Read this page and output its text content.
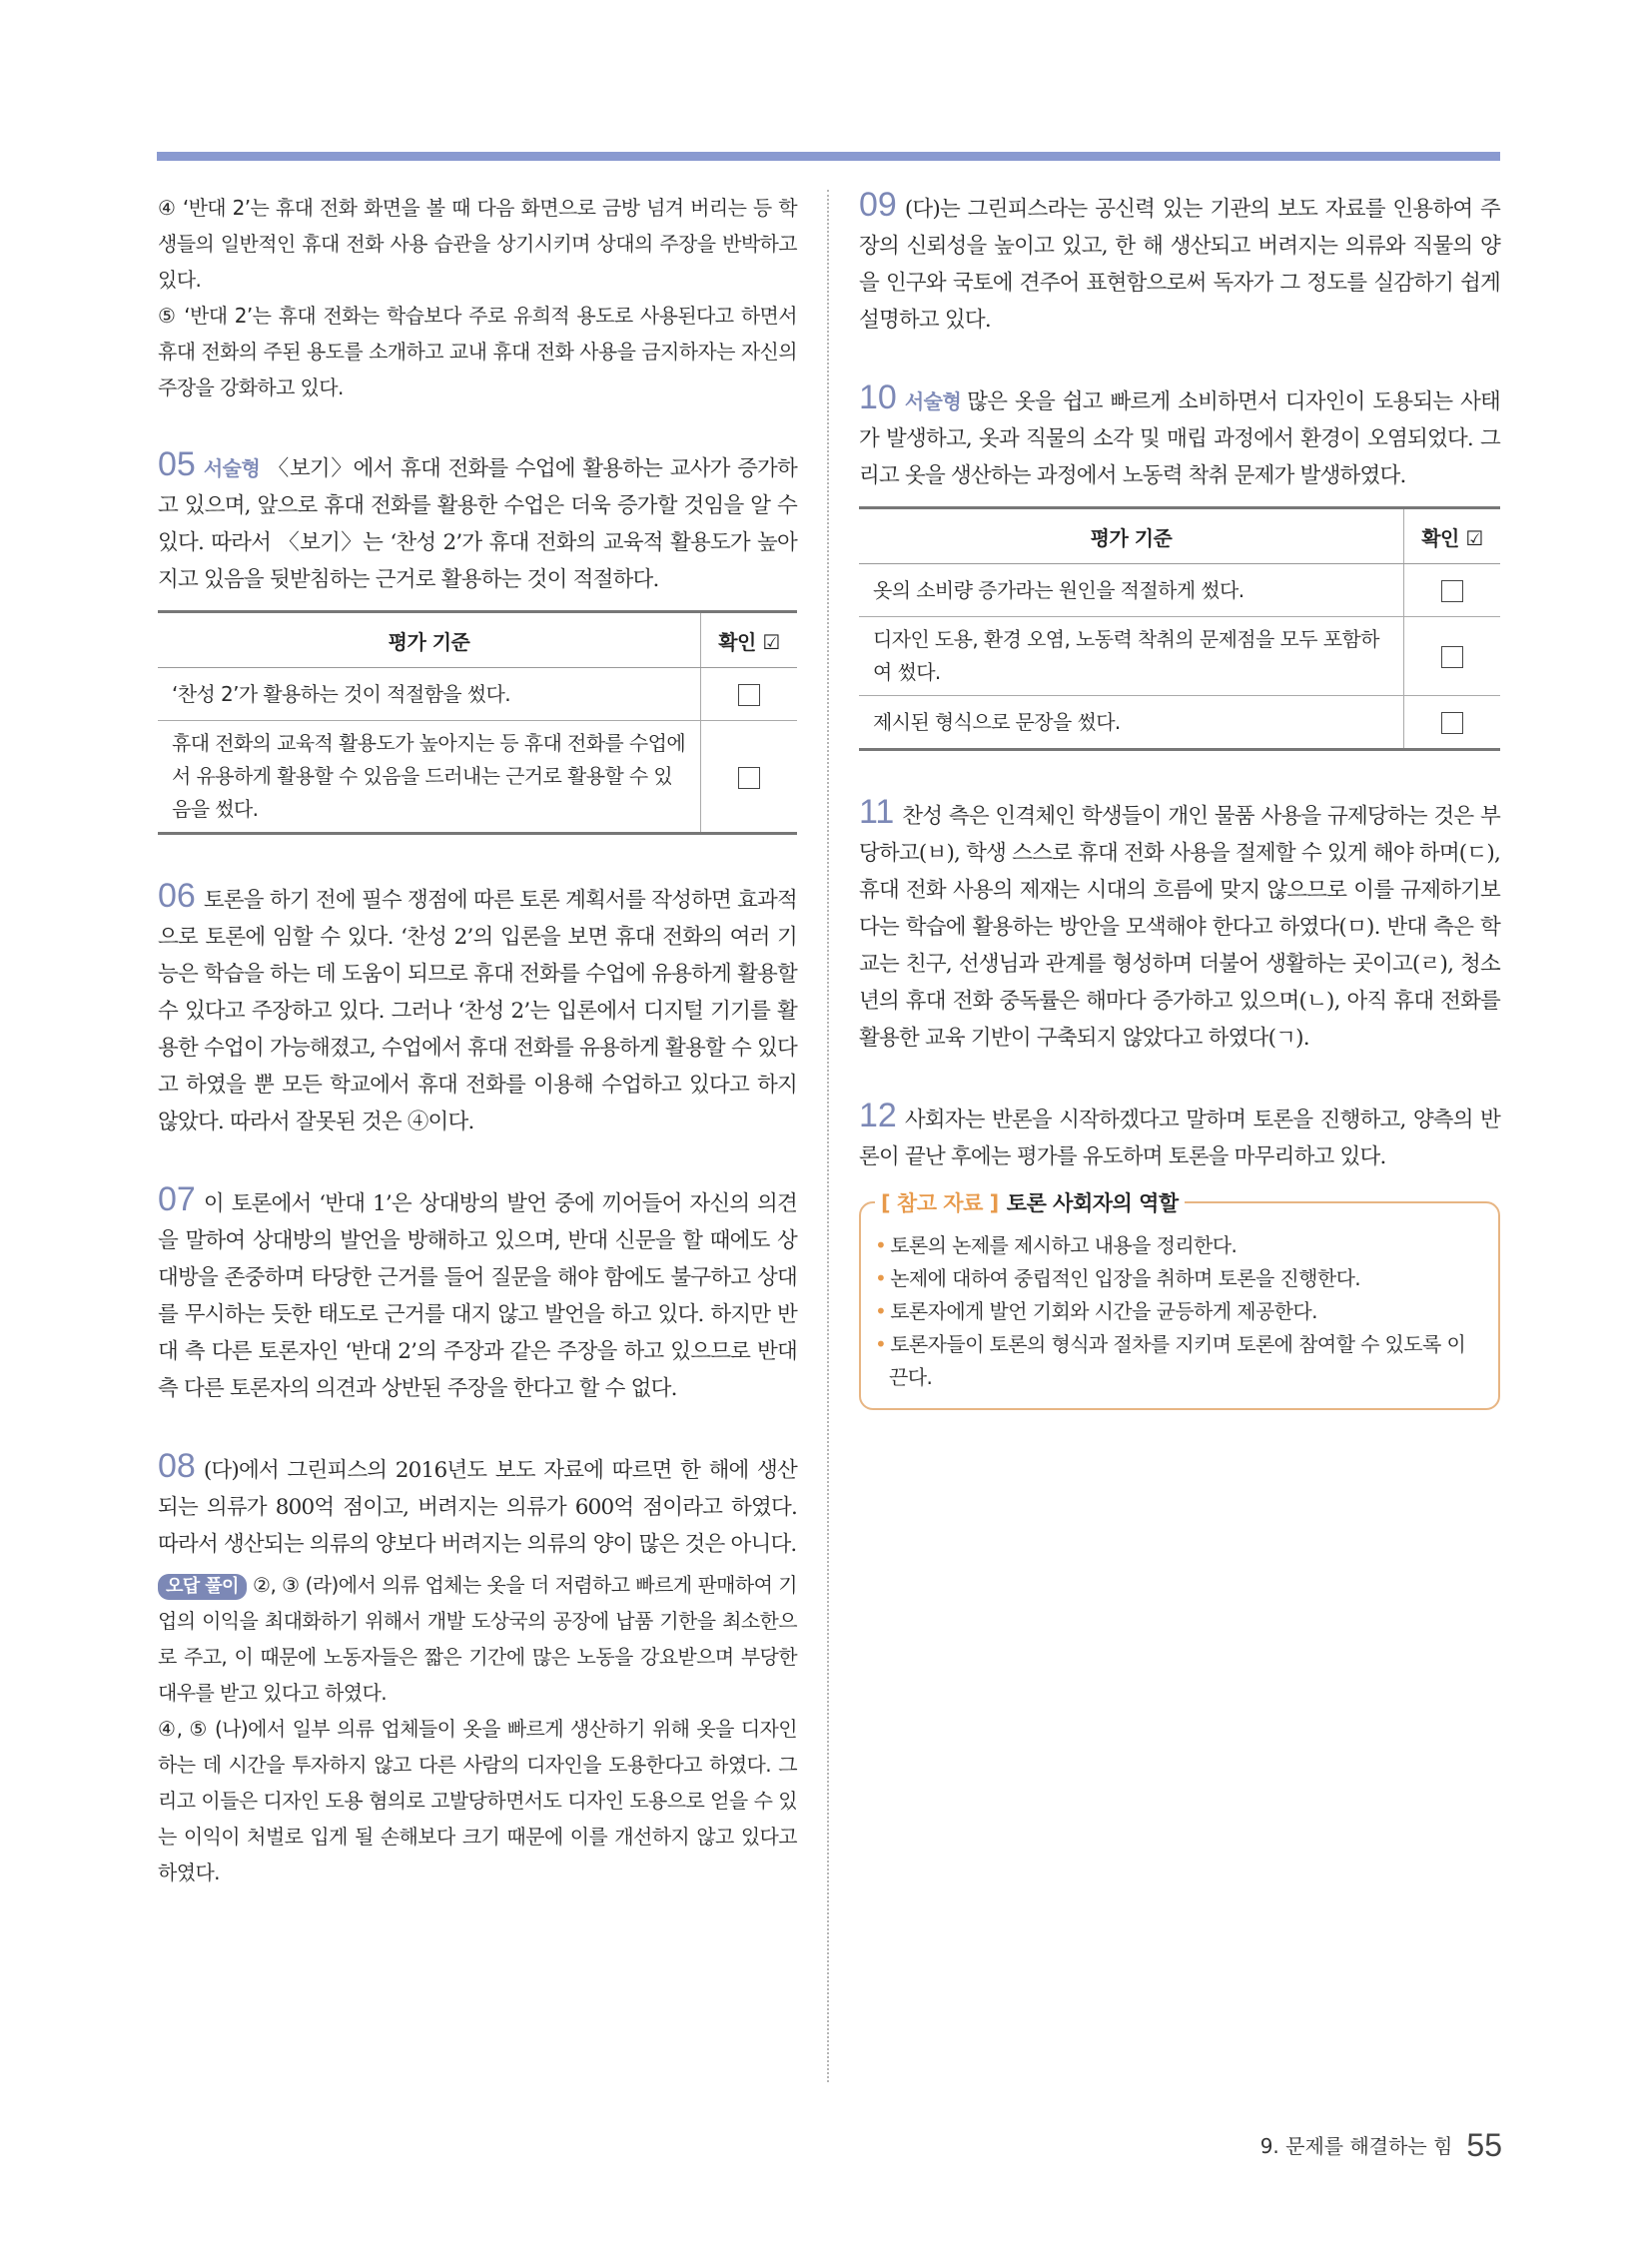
④ ‘반대 2’는 휴대 전화 화면을 볼 때 다음 화면으로 금방 넘겨 버리는 등 학생들의 일반적인 휴대 전화 사용 습관을 상기시키며 상대의 주장을 반박하고 있다.

⑤ ‘반대 2’는 휴대 전화는 학습보다 주로 유희적 용도로 사용된다고 하면서 휴대 전화의 주된 용도를 소개하고 교내 휴대 전화 사용을 금지하자는 자신의 주장을 강화하고 있다.

05 서술형 〈보기〉에서 휴대 전화를 수업에 활용하는 교사가 증가하고 있으며, 앞으로 휴대 전화를 활용한 수업은 더욱 증가할 것임을 알 수 있다. 따라서 〈보기〉는 ‘찬성 2’가 휴대 전화의 교육적 활용도가 높아지고 있음을 뒷받침하는 근거로 활용하는 것이 적절하다.

평가 기준	확인 ☑
‘찬성 2’가 활용하는 것이 적절함을 썼다.	
휴대 전화의 교육적 활용도가 높아지는 등 휴대 전화를 수업에서 유용하게 활용할 수 있음을 드러내는 근거로 활용할 수 있음을 썼다.	

06 토론을 하기 전에 필수 쟁점에 따른 토론 계획서를 작성하면 효과적으로 토론에 임할 수 있다. ‘찬성 2’의 입론을 보면 휴대 전화의 여러 기능은 학습을 하는 데 도움이 되므로 휴대 전화를 수업에 유용하게 활용할 수 있다고 주장하고 있다. 그러나 ‘찬성 2’는 입론에서 디지털 기기를 활용한 수업이 가능해졌고, 수업에서 휴대 전화를 유용하게 활용할 수 있다고 하였을 뿐 모든 학교에서 휴대 전화를 이용해 수업하고 있다고 하지 않았다. 따라서 잘못된 것은 ④이다.

07 이 토론에서 ‘반대 1’은 상대방의 발언 중에 끼어들어 자신의 의견을 말하여 상대방의 발언을 방해하고 있으며, 반대 신문을 할 때에도 상대방을 존중하며 타당한 근거를 들어 질문을 해야 함에도 불구하고 상대를 무시하는 듯한 태도로 근거를 대지 않고 발언을 하고 있다. 하지만 반대 측 다른 토론자인 ‘반대 2’의 주장과 같은 주장을 하고 있으므로 반대 측 다른 토론자의 의견과 상반된 주장을 한다고 할 수 없다.

08 (다)에서 그린피스의 2016년도 보도 자료에 따르면 한 해에 생산되는 의류가 800억 점이고, 버려지는 의류가 600억 점이라고 하였다. 따라서 생산되는 의류의 양보다 버려지는 의류의 양이 많은 것은 아니다.

오답 풀이 ②, ③ (라)에서 의류 업체는 옷을 더 저렴하고 빠르게 판매하여 기업의 이익을 최대화하기 위해서 개발 도상국의 공장에 납품 기한을 최소한으로 주고, 이 때문에 노동자들은 짧은 기간에 많은 노동을 강요받으며 부당한 대우를 받고 있다고 하였다.

④, ⑤ (나)에서 일부 의류 업체들이 옷을 빠르게 생산하기 위해 옷을 디자인하는 데 시간을 투자하지 않고 다른 사람의 디자인을 도용한다고 하였다. 그리고 이들은 디자인 도용 혐의로 고발당하면서도 디자인 도용으로 얻을 수 있는 이익이 처벌로 입게 될 손해보다 크기 때문에 이를 개선하지 않고 있다고 하였다.

09 (다)는 그린피스라는 공신력 있는 기관의 보도 자료를 인용하여 주장의 신뢰성을 높이고 있고, 한 해 생산되고 버려지는 의류와 직물의 양을 인구와 국토에 견주어 표현함으로써 독자가 그 정도를 실감하기 쉽게 설명하고 있다.

10 서술형 많은 옷을 쉽고 빠르게 소비하면서 디자인이 도용되는 사태가 발생하고, 옷과 직물의 소각 및 매립 과정에서 환경이 오염되었다. 그리고 옷을 생산하는 과정에서 노동력 착취 문제가 발생하였다.

평가 기준	확인 ☑
옷의 소비량 증가라는 원인을 적절하게 썼다.	
디자인 도용, 환경 오염, 노동력 착취의 문제점을 모두 포함하여 썼다.	
제시된 형식으로 문장을 썼다.	

11 찬성 측은 인격체인 학생들이 개인 물품 사용을 규제당하는 것은 부당하고(ㅂ), 학생 스스로 휴대 전화 사용을 절제할 수 있게 해야 하며(ㄷ), 휴대 전화 사용의 제재는 시대의 흐름에 맞지 않으므로 이를 규제하기보다는 학습에 활용하는 방안을 모색해야 한다고 하였다(ㅁ). 반대 측은 학교는 친구, 선생님과 관계를 형성하며 더불어 생활하는 곳이고(ㄹ), 청소년의 휴대 전화 중독률은 해마다 증가하고 있으며(ㄴ), 아직 휴대 전화를 활용한 교육 기반이 구축되지 않았다고 하였다(ㄱ).

12 사회자는 반론을 시작하겠다고 말하며 토론을 진행하고, 양측의 반론이 끝난 후에는 평가를 유도하며 토론을 마무리하고 있다.

[ 참고 자료 ] 토론 사회자의 역할
• 토론의 논제를 제시하고 내용을 정리한다.
• 논제에 대하여 중립적인 입장을 취하며 토론을 진행한다.
• 토론자에게 발언 기회와 시간을 균등하게 제공한다.
• 토론자들이 토론의 형식과 절차를 지키며 토론에 참여할 수 있도록 이끈다.
9. 문제를 해결하는 힘 55
